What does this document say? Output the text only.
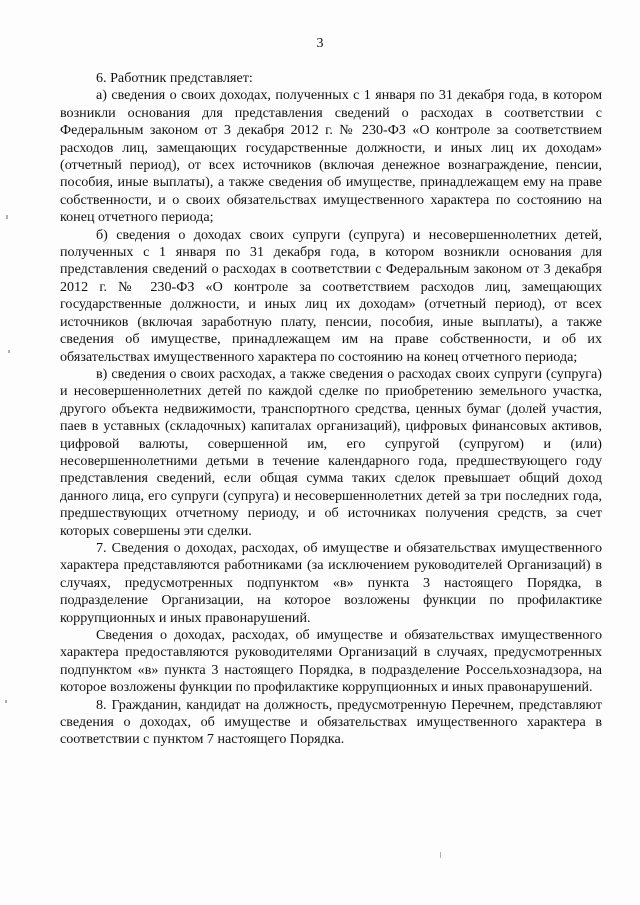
3

6. Работник представляет:

а) сведения о своих доходах, полученных с 1 января по 31 декабря года, в котором возникли основания для представления сведений о расходах в соответствии с Федеральным законом от 3 декабря 2012 г. № 230-ФЗ «О контроле за соответствием расходов лиц, замещающих государственные должности, и иных лиц их доходам» (отчетный период), от всех источников (включая денежное вознаграждение, пенсии, пособия, иные выплаты), а также сведения об имуществе, принадлежащем ему на праве собственности, и о своих обязательствах имущественного характера по состоянию на конец отчетного периода;

б) сведения о доходах своих супруги (супруга) и несовершеннолетних детей, полученных с 1 января по 31 декабря года, в котором возникли основания для представления сведений о расходах в соответствии с Федеральным законом от 3 декабря 2012 г. № 230-ФЗ «О контроле за соответствием расходов лиц, замещающих государственные должности, и иных лиц их доходам» (отчетный период), от всех источников (включая заработную плату, пенсии, пособия, иные выплаты), а также сведения об имуществе, принадлежащем им на праве собственности, и об их обязательствах имущественного характера по состоянию на конец отчетного периода;

в) сведения о своих расходах, а также сведения о расходах своих супруги (супруга) и несовершеннолетних детей по каждой сделке по приобретению земельного участка, другого объекта недвижимости, транспортного средства, ценных бумаг (долей участия, паев в уставных (складочных) капиталах организаций), цифровых финансовых активов, цифровой валюты, совершенной им, его супругой (супругом) и (или) несовершеннолетними детьми в течение календарного года, предшествующего году представления сведений, если общая сумма таких сделок превышает общий доход данного лица, его супруги (супруга) и несовершеннолетних детей за три последних года, предшествующих отчетному периоду, и об источниках получения средств, за счет которых совершены эти сделки.

7. Сведения о доходах, расходах, об имуществе и обязательствах имущественного характера представляются работниками (за исключением руководителей Организаций) в случаях, предусмотренных подпунктом «в» пункта 3 настоящего Порядка, в подразделение Организации, на которое возложены функции по профилактике коррупционных и иных правонарушений.

Сведения о доходах, расходах, об имуществе и обязательствах имущественного характера предоставляются руководителями Организаций в случаях, предусмотренных подпунктом «в» пункта 3 настоящего Порядка, в подразделение Россельхознадзора, на которое возложены функции по профилактике коррупционных и иных правонарушений.

8. Гражданин, кандидат на должность, предусмотренную Перечнем, представляют сведения о доходах, об имуществе и обязательствах имущественного характера в соответствии с пунктом 7 настоящего Порядка.
